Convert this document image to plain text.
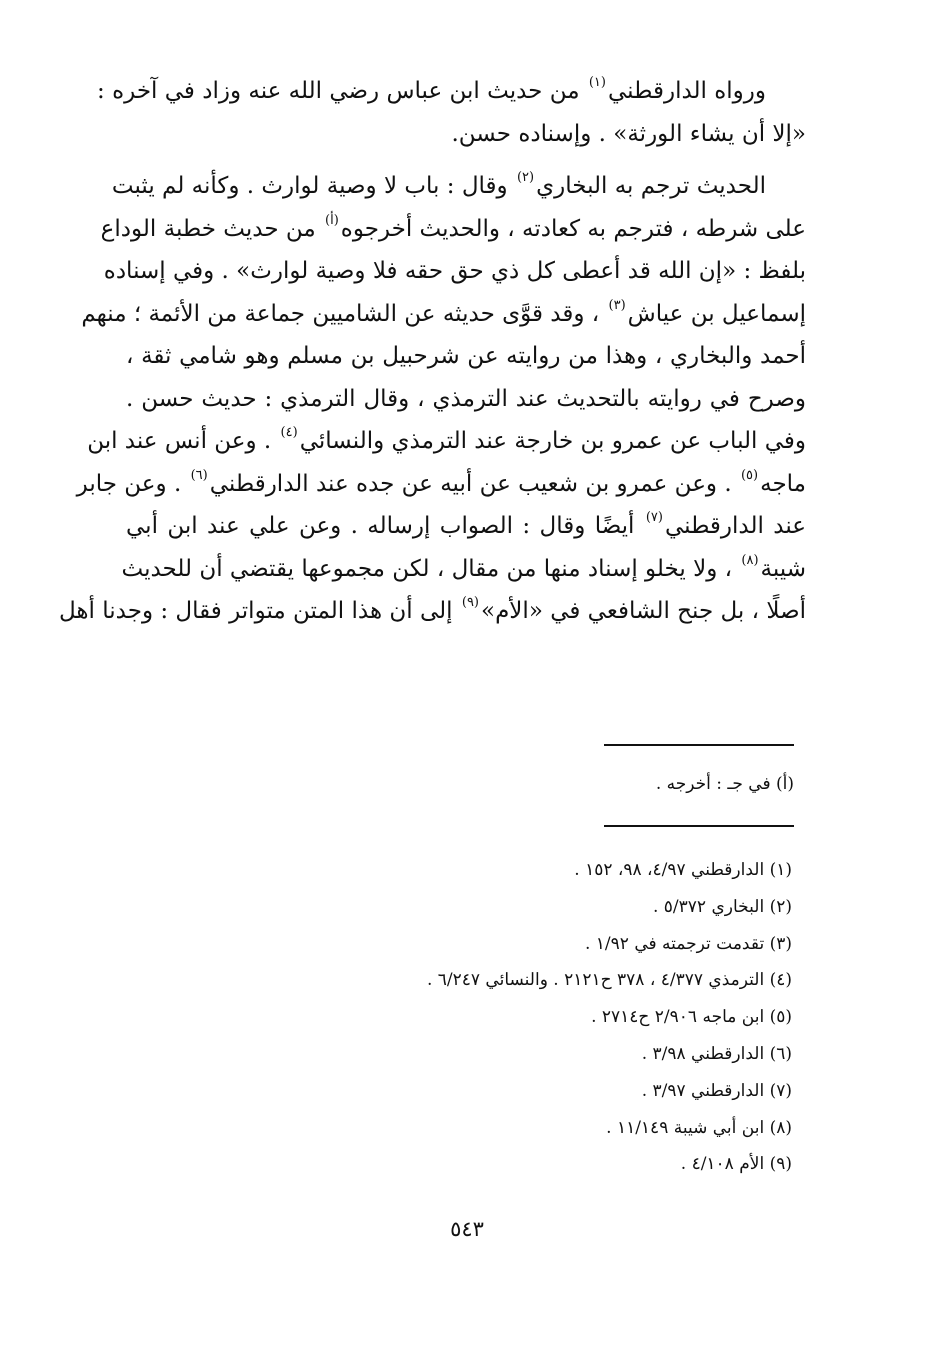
ورواه الدارقطني$^{(١)}$ من حديث ابن عباس رضي الله عنه وزاد في آخره :
«إلا أن يشاء الورثة» . وإسناده حسن.
الحديث ترجم به البخاري$^{(٢)}$ وقال : باب لا وصية لوارث . وكأنه لم يثبت
على شرطه ، فترجم به كعادته ، والحديث أخرجوه$^{(أ)}$ من حديث خطبة الوداع
بلفظ : «إن الله قد أعطى كل ذي حق حقه فلا وصية لوارث» . وفي إسناده
إسماعيل بن عياش$^{(٣)}$ ، وقد قوَّى حديثه عن الشاميين جماعة من الأئمة ؛ منهم
أحمد والبخاري ، وهذا من روايته عن شرحبيل بن مسلم وهو شامي ثقة ،
وصرح في روايته بالتحديث عند الترمذي ، وقال الترمذي : حديث حسن .
وفي الباب عن عمرو بن خارجة عند الترمذي والنسائي$^{(٤)}$ . وعن أنس عند ابن
ماجه$^{(٥)}$ . وعن عمرو بن شعيب عن أبيه عن جده عند الدارقطني$^{(٦)}$ . وعن جابر
عند الدارقطني$^{(٧)}$ أيضًا وقال : الصواب إرساله . وعن علي عند ابن أبي
شيبة$^{(٨)}$ ، ولا يخلو إسناد منها من مقال ، لكن مجموعها يقتضي أن للحديث
أصلًا ، بل جنح الشافعي في «الأم»$^{(٩)}$ إلى أن هذا المتن متواتر فقال : وجدنا أهل
(أ) في جـ : أخرجه .
(١) الدارقطني ٤/٩٧، ٩٨، ١٥٢ .
(٢) البخاري ٥/٣٧٢ .
(٣) تقدمت ترجمته في ١/٩٢ .
(٤) الترمذي ٤/٣٧٧ ، ٣٧٨ ح٢١٢١ . والنسائي ٦/٢٤٧ .
(٥) ابن ماجه ٢/٩٠٦ ح٢٧١٤ .
(٦) الدارقطني ٣/٩٨ .
(٧) الدارقطني ٣/٩٧ .
(٨) ابن أبي شيبة ١١/١٤٩ .
(٩) الأم ٤/١٠٨ .
٥٤٣
